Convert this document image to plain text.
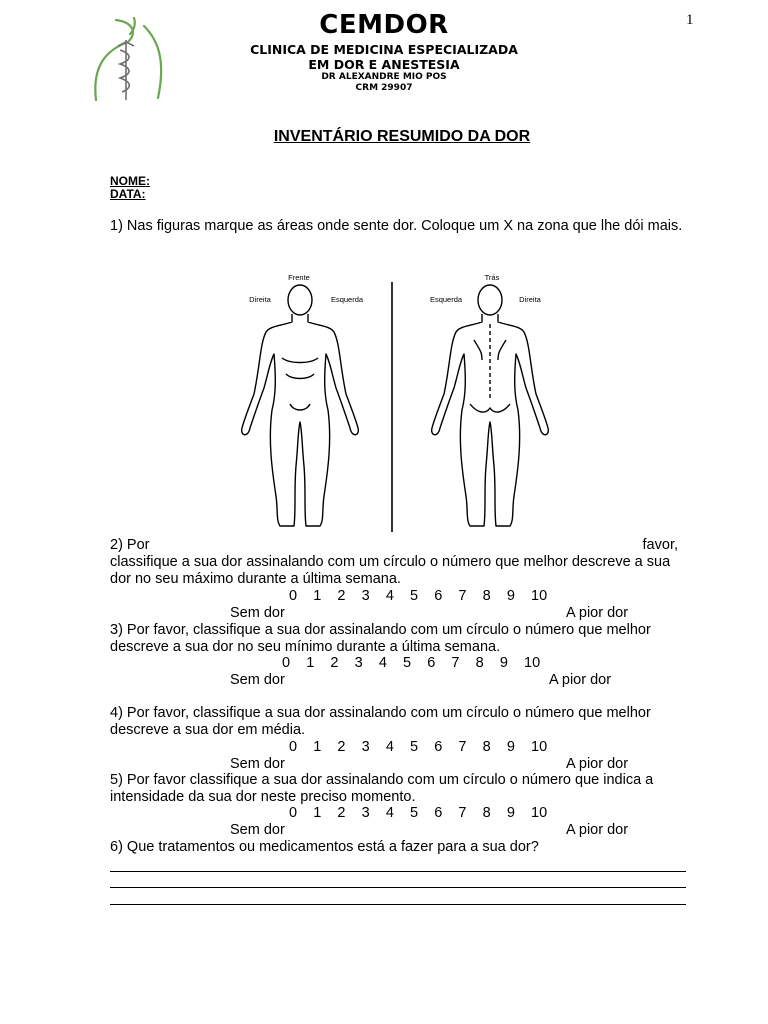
1
CEMDOR
CLINICA DE MEDICINA ESPECIALIZADA
EM DOR E ANESTESIA
DR ALEXANDRE MIO POS
CRM 29907
INVENTÁRIO RESUMIDO DA DOR
NOME:
DATA:
1) Nas figuras marque as áreas onde sente dor. Coloque um X na zona que lhe dói mais.
Frente	Trás
Direita	Esquerda	Esquerda	Direita
2) Por	favor,
classifique a sua dor assinalando com um círculo o número que melhor descreve a sua dor no seu máximo durante a última semana.
0 1 2 3 4 5 6 7 8 9 10
Sem dor	A pior dor
3) Por favor, classifique a sua dor assinalando com um círculo o número que melhor descreve a sua dor no seu mínimo durante a última semana.
0 1 2 3 4 5 6 7 8 9 10
Sem dor	A pior dor
4) Por favor, classifique a sua dor assinalando com um círculo o número que melhor descreve a sua dor em média.
0 1 2 3 4 5 6 7 8 9 10
Sem dor	A pior dor
5) Por favor classifique a sua dor assinalando com um círculo o número que indica a intensidade da sua dor neste preciso momento.
0 1 2 3 4 5 6 7 8 9 10
Sem dor	A pior dor
6) Que tratamentos ou medicamentos está a fazer para a sua dor?
